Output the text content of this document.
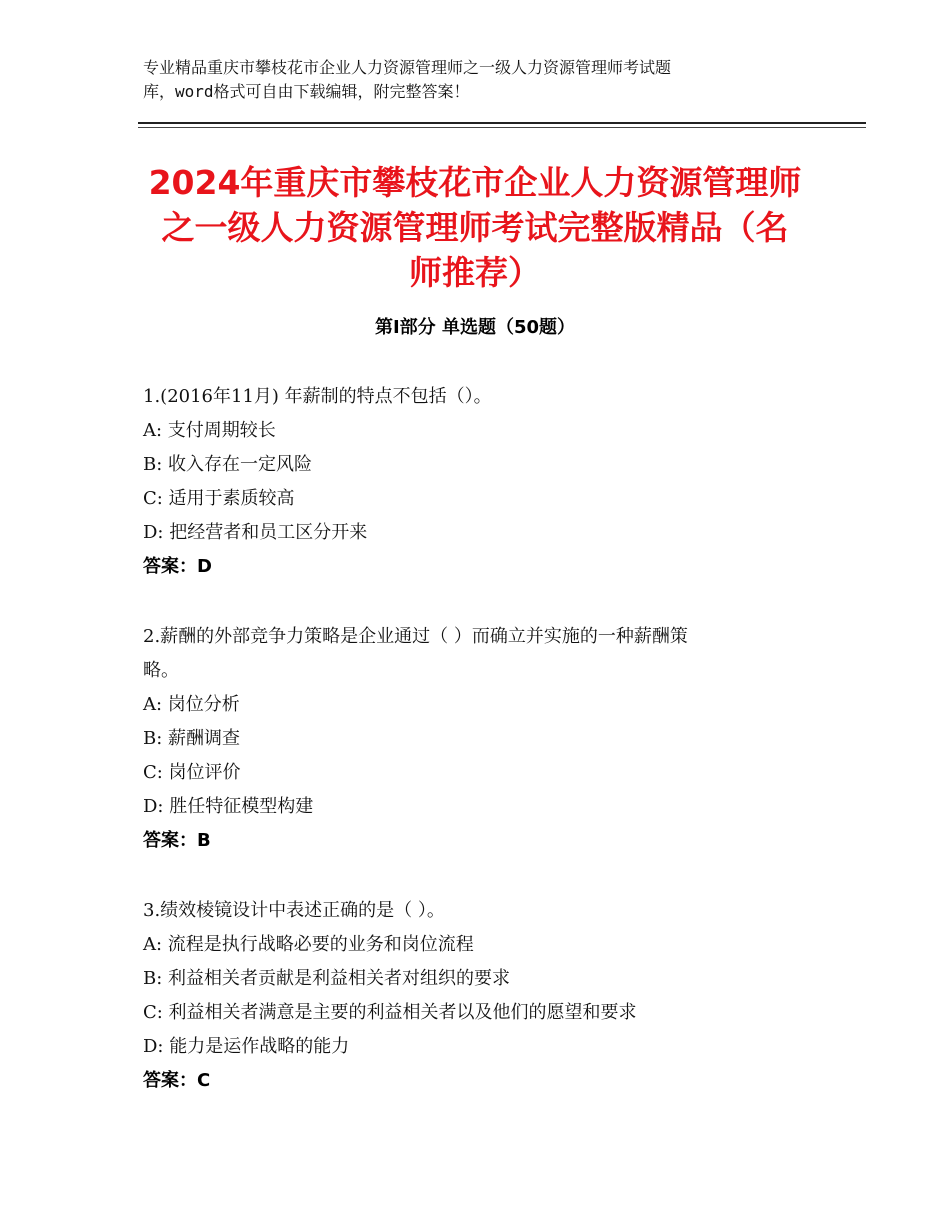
专业精品重庆市攀枝花市企业人力资源管理师之一级人力资源管理师考试题
库，word格式可自由下载编辑，附完整答案！
2024年重庆市攀枝花市企业人力资源管理师
之一级人力资源管理师考试完整版精品（名
师推荐）
第Ⅰ部分 单选题（50题）
1.(2016年11月) 年薪制的特点不包括（）。
A: 支付周期较长
B: 收入存在一定风险
C: 适用于素质较高
D: 把经营者和员工区分开来
答案：D
2.薪酬的外部竞争力策略是企业通过（ ）而确立并实施的一种薪酬策
略。
A: 岗位分析
B: 薪酬调查
C: 岗位评价
D: 胜任特征模型构建
答案：B
3.绩效棱镜设计中表述正确的是（ ）。
A: 流程是执行战略必要的业务和岗位流程
B: 利益相关者贡献是利益相关者对组织的要求
C: 利益相关者满意是主要的利益相关者以及他们的愿望和要求
D: 能力是运作战略的能力
答案：C
